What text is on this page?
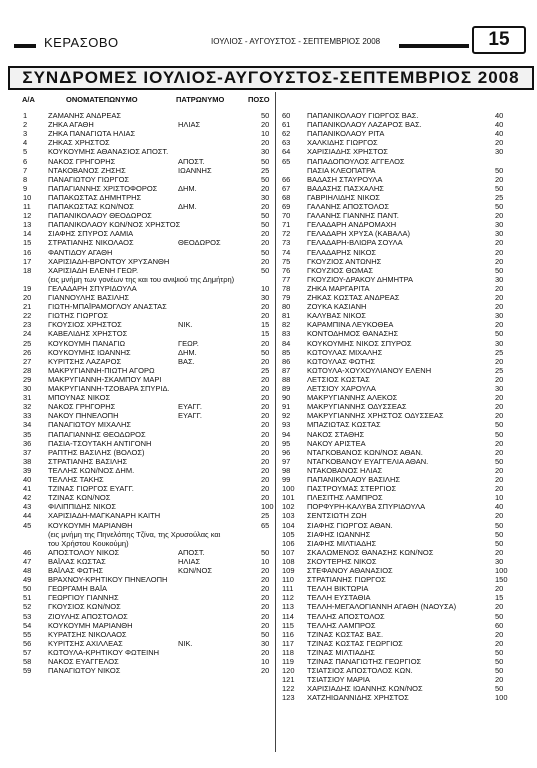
ΚΕΡΑΣΟΒΟ	ΙΟΥΛΙΟΣ - ΑΥΓΟΥΣΤΟΣ - ΣΕΠΤΕΜΒΡΙΟΣ 2008	15
ΣΥΝΔΡΟΜΕΣ ΙΟΥΛΙΟΣ-ΑΥΓΟΥΣΤΟΣ-ΣΕΠΤΕΜΒΡΙΟΣ 2008
Α/Α	ΟΝΟΜΑΤΕΠΩΝΥΜΟ	ΠΑΤΡΩΝΥΜΟ	ΠΟΣΟ
1	ΖΑΜΑΝΗΣ ΑΝΔΡΕΑΣ	50
2	ΖΗΚΑ ΑΓΑΘΗ	ΗΛΙΑΣ	20
3	ΖΗΚΑ ΠΑΝΑΓΙΩΤΑ ΗΛΙΑΣ	10
4	ΖΗΚΑΣ ΧΡΗΣΤΟΣ	20
5	ΚΟΥΚΟΥΜΗΣ ΑΘΑΝΑΣΙΟΣ ΑΠΟΣΤ.	30
6	ΝΑΚΟΣ ΓΡΗΓΟΡΗΣ	ΑΠΟΣΤ.	50
7	ΝΤΑΚΟΒΑΝΟΣ ΖΗΣΗΣ	ΙΩΑΝΝΗΣ	25
8	ΠΑΝΑΓΙΩΤΟΥ ΓΙΩΡΓΟΣ	50
9	ΠΑΠΑΓΙΑΝΝΗΣ ΧΡΙΣΤΟΦΟΡΟΣ	ΔΗΜ.	20
10 ΠΑΠΑΚΩΣΤΑΣ ΔΗΜΗΤΡΗΣ	30
11 ΠΑΠΑΚΩΣΤΑΣ ΚΩΝ/ΝΟΣ	ΔΗΜ.	20
12 ΠΑΠΑΝΙΚΟΛΑΟΥ ΘΕΟΔΩΡΟΣ	50
13 ΠΑΠΑΝΙΚΟΛΑΟΥ ΚΩΝ/ΝΟΣ ΧΡΗΣΤΟΣ	50
14 ΣΙΑΦΗΣ ΣΠΥΡΟΣ ΛΑΜΙΑ	20
15 ΣΤΡΑΤΙΑΝΗΣ ΝΙΚΟΛΑΟΣ	ΘΕΟΔΩΡΟΣ	20
16 ΦΑΝΤΙΔΟΥ ΑΓΑΘΗ	50
17 ΧΑΡΙΣΙΑΔΗ-ΒΡΟΝΤΟΥ ΧΡΥΣΑΝΘΗ	20
18 ΧΑΡΙΣΙΑΔΗ ΕΛΕΝΗ ΓΕΩΡ.	50
(εις μνήμη των γονέων της και του ανιψιού της Δημήτρη)
19 ΓΕΛΑΔΑΡΗ ΣΠΥΡΙΔΟΥΛΑ	10
20 ΓΙΑΝΝΟΥΛΗΣ ΒΑΣΙΛΗΣ	30
21 ΓΙΩΤΗ-ΜΠΑΪΡΑΜΟΓΛΟΥ ΑΝΑΣΤΑΣ	20
22 ΓΙΩΤΗΣ ΓΙΩΡΓΟΣ	20
23 ΓΚΟΥΣΙΟΣ ΧΡΗΣΤΟΣ	ΝΙΚ.	15
24 ΚΑΒΕΛΙΔΗΣ ΧΡΗΣΤΟΣ	15
25 ΚΟΥΚΟΥΜΗ ΠΑΝΑΓΙΩ	ΓΕΩΡ.	20
26 ΚΟΥΚΟΥΜΗΣ ΙΩΑΝΝΗΣ	ΔΗΜ.	50
27 ΚΥΡΙΤΣΗΣ ΛΑΖΑΡΟΣ	ΒΑΣ.	20
28 ΜΑΚΡΥΓΙΑΝΝΗ-ΠΙΩΤΗ ΑΓΟΡΩ	25
29 ΜΑΚΡΥΓΙΑΝΝΗ-ΣΚΑΜΠΟΥ ΜΑΡΙ	20
30 ΜΑΚΡΥΓΙΑΝΝΗ-ΤΖΟΒΑΡΑ ΣΠΥΡΙΔ.	20
31 ΜΠΟΥΝΑΣ ΝΙΚΟΣ	20
32 ΝΑΚΟΣ ΓΡΗΓΟΡΗΣ	ΕΥΑΓΓ.	20
33 ΝΑΚΟΥ ΠΗΝΕΛΟΠΗ	ΕΥΑΓΓ.	20
34 ΠΑΝΑΓΙΩΤΟΥ ΜΙΧΑΛΗΣ	20
35 ΠΑΠΑΓΙΑΝΝΗΣ ΘΕΟΔΩΡΟΣ	20
36 ΠΑΣΙΑ-ΤΣΟΥΤΑΚΗ ΑΝΤΙΓΟΝΗ	20
37 ΡΑΠΤΗΣ ΒΑΣΙΛΗΣ (ΒΟΛΟΣ)	20
38 ΣΤΡΑΤΙΑΝΗΣ ΒΑΣΙΛΗΣ	20
39 ΤΕΛΛΗΣ ΚΩΝ/ΝΟΣ ΔΗΜ.	20
40 ΤΕΛΛΗΣ ΤΑΚΗΣ	20
41 ΤΖΙΝΑΣ ΓΙΩΡΓΟΣ ΕΥΑΓΓ.	20
42 ΤΖΙΝΑΣ ΚΩΝ/ΝΟΣ	20
43 ΦΙΛΙΠΠΙΔΗΣ ΝΙΚΟΣ	100
44 ΧΑΡΙΣΙΑΔΗ-ΜΑΓΚΑΝΑΡΗ ΚΑΙΤΗ	25
45 ΚΟΥΚΟΥΜΗ ΜΑΡΙΑΝΘΗ	65
(εις μνήμη της Πηνελόπης Τζίνα, της Χρυσούλας και
του Χρήστου Κουκούμη)
46 ΑΠΟΣΤΟΛΟΥ ΝΙΚΟΣ	ΑΠΟΣΤ.	50
47 ΒΑΪΛΑΣ ΚΩΣΤΑΣ	ΗΛΙΑΣ	10
48 ΒΑΪΛΑΣ ΦΩΤΗΣ	ΚΩΝ/ΝΟΣ	20
49 ΒΡΑΧΝΟΥ-ΚΡΗΤΙΚΟΥ ΠΗΝΕΛΟΠΗ	20
50 ΓΕΩΡΓΑΜΗ ΒΑΪΑ	20
51 ΓΕΩΡΓΙΟΥ ΓΙΑΝΝΗΣ	20
52 ΓΚΟΥΣΙΟΣ ΚΩΝ/ΝΟΣ	20
53 ΖΙΟΥΛΗΣ ΑΠΟΣΤΟΛΟΣ	20
54 ΚΟΥΚΟΥΜΗ ΜΑΡΙΑΝΘΗ	20
55 ΚΥΡΑΤΣΗΣ ΝΙΚΟΛΑΟΣ	50
56 ΚΥΡΙΤΣΗΣ ΑΧΙΛΛΕΑΣ	ΝΙΚ.	30
57 ΚΩΤΟΥΛΑ-ΚΡΗΤΙΚΟΥ ΦΩΤΕΙΝΗ	20
58 ΝΑΚΟΣ ΕΥΑΓΓΕΛΟΣ	10
59 ΠΑΝΑΓΙΩΤΟΥ ΝΙΚΟΣ	20
60 ΠΑΠΑΝΙΚΟΛΑΟΥ ΓΙΩΡΓΟΣ ΒΑΣ.	40
61 ΠΑΠΑΝΙΚΟΛΑΟΥ ΛΑΖΑΡΟΣ ΒΑΣ.	40
62 ΠΑΠΑΝΙΚΟΛΑΟΥ ΡΙΤΑ	40
63 ΧΑΛΚΙΔΗΣ ΓΙΩΡΓΟΣ	20
64 ΧΑΡΙΣΙΑΔΗΣ ΧΡΗΣΤΟΣ	30
65 ΠΑΠΑΔΟΠΟΥΛΟΣ ΑΓΓΕΛΟΣ
ΠΑΣΙΑ ΚΛΕΟΠΑΤΡΑ	50
66 ΒΑΔΑΣΗ ΣΤΑΥΡΟΥΛΑ	20
67 ΒΑΔΑΣΗΣ ΠΑΣΧΑΛΗΣ	50
68 ΓΑΒΡΙΗΛΙΔΗΣ ΝΙΚΟΣ	25
69 ΓΑΛΑΝΗΣ ΑΠΟΣΤΟΛΟΣ	50
70 ΓΑΛΑΝΗΣ ΓΙΑΝΝΗΣ ΠΑΝΤ.	20
71 ΓΕΛΑΔΑΡΗ ΑΝΔΡΟΜΑΧΗ	30
72 ΓΕΛΑΔΑΡΗ ΧΡΥΣΑ (ΚΑΒΑΛΑ)	30
73 ΓΕΛΑΔΑΡΗ-ΒΛΙΩΡΑ ΣΟΥΛΑ	20
74 ΓΕΛΑΔΑΡΗΣ ΝΙΚΟΣ	20
75 ΓΚΟΥΖΙΟΣ ΑΝΤΩΝΗΣ	20
76 ΓΚΟΥΖΙΟΣ ΘΩΜΑΣ	50
77 ΓΚΟΥΖΙΟΥ-ΔΡΑΚΟΥ ΔΗΜΗΤΡΑ	30
78 ΖΗΚΑ ΜΑΡΓΑΡΙΤΑ	20
79 ΖΗΚΑΣ ΚΩΣΤΑΣ ΑΝΔΡΕΑΣ	20
80 ΖΟΥΚΑ ΚΑΣΙΑΝΗ	20
81 ΚΑΛΥΒΑΣ ΝΙΚΟΣ	30
82 ΚΑΡΑΜΠΙΝΑ ΛΕΥΚΟΘΕΑ	20
83 ΚΟΝΤΟΔΗΜΟΣ ΘΑΝΑΣΗΣ	50
84 ΚΟΥΚΟΥΜΗΣ ΝΙΚΟΣ ΣΠΥΡΟΣ	30
85 ΚΩΤΟΥΛΑΣ ΜΙΧΑΛΗΣ	25
86 ΚΩΤΟΥΛΑΣ ΦΩΤΗΣ	20
87 ΚΩΤΟΥΛΑ-ΧΟΥΧΟΥΛΙΑΝΟΥ ΕΛΕΝΗ	25
88 ΛΕΤΣΙΟΣ ΚΩΣΤΑΣ	20
89 ΛΕΤΣΙΟΥ ΧΑΡΟΥΛΑ	30
90 ΜΑΚΡΥΓΙΑΝΝΗΣ ΑΛΕΚΟΣ	20
91 ΜΑΚΡΥΓΙΑΝΝΗΣ ΟΔΥΣΣΕΑΣ	20
92 ΜΑΚΡΥΓΙΑΝΝΗΣ ΧΡΗΣΤΟΣ ΟΔΥΣΣΕΑΣ	20
93 ΜΠΑΖΙΩΤΑΣ ΚΩΣΤΑΣ	50
94 ΝΑΚΟΣ ΣΤΑΘΗΣ	50
95 ΝΑΚΟΥ ΑΡΙΣΤΕΑ	20
96 ΝΤΑΓΚΟΒΑΝΟΣ ΚΩΝ/ΝΟΣ ΑΘΑΝ.	20
97 ΝΤΑΓΚΟΒΑΝΟΥ ΕΥΑΓΓΕΛΙΑ ΑΘΑΝ.	50
98 ΝΤΑΚΟΒΑΝΟΣ ΗΛΙΑΣ	20
99 ΠΑΠΑΝΙΚΟΛΑΟΥ ΒΑΣΙΛΗΣ	20
100 ΠΑΣΤΡΟΥΜΑΣ ΣΤΕΡΓΙΟΣ	20
101 ΠΛΕΣΙΤΗΣ ΛΑΜΠΡΟΣ	10
102 ΠΟΡΦΥΡΗ-ΚΑΛΥΒΑ ΣΠΥΡΙΔΟΥΛΑ	40
103 ΣΕΝΤΣΙΩΤΗ ΖΩΗ	20
104 ΣΙΑΦΗΣ ΓΙΩΡΓΟΣ ΑΘΑΝ.	50
105 ΣΙΑΦΗΣ ΙΩΑΝΝΗΣ	50
106 ΣΙΑΦΗΣ ΜΙΛΤΙΑΔΗΣ	50
107 ΣΚΑΛΩΜΕΝΟΣ ΘΑΝΑΣΗΣ ΚΩΝ/ΝΟΣ	20
108 ΣΚΟΥΤΕΡΗΣ ΝΙΚΟΣ	30
109 ΣΤΕΦΑΝΟΥ ΑΘΑΝΑΣΙΟΣ	100
110 ΣΤΡΑΤΙΑΝΗΣ ΓΙΩΡΓΟΣ	150
111 ΤΕΛΛΗ ΒΙΚΤΩΡΙΑ	20
112 ΤΕΛΛΗ ΕΥΣΤΑΘΙΑ	15
113 ΤΕΛΛΗ-ΜΕΓΑΛΟΓΙΑΝΝΗ ΑΓΑΘΗ (ΝΑΟΥΣΑ)	20
114 ΤΕΛΛΗΣ ΑΠΟΣΤΟΛΟΣ	50
115 ΤΕΛΛΗΣ ΛΑΜΠΡΟΣ	60
116 ΤΖΙΝΑΣ ΚΩΣΤΑΣ ΒΑΣ.	20
117 ΤΖΙΝΑΣ ΚΩΣΤΑΣ ΓΕΩΡΓΙΟΣ	20
118 ΤΖΙΝΑΣ ΜΙΛΤΙΑΔΗΣ	50
119 ΤΖΙΝΑΣ ΠΑΝΑΓΙΩΤΗΣ ΓΕΩΡΓΙΟΣ	50
120 ΤΣΙΑΤΣΙΟΣ ΑΠΟΣΤΟΛΟΣ ΚΩΝ.	50
121 ΤΣΙΑΤΣΙΟΥ ΜΑΡΙΑ	20
122 ΧΑΡΙΣΙΑΔΗΣ ΙΩΑΝΝΗΣ ΚΩΝ/ΝΟΣ	50
123 ΧΑΤΖΗΙΩΑΝΝΙΔΗΣ ΧΡΗΣΤΟΣ	100
